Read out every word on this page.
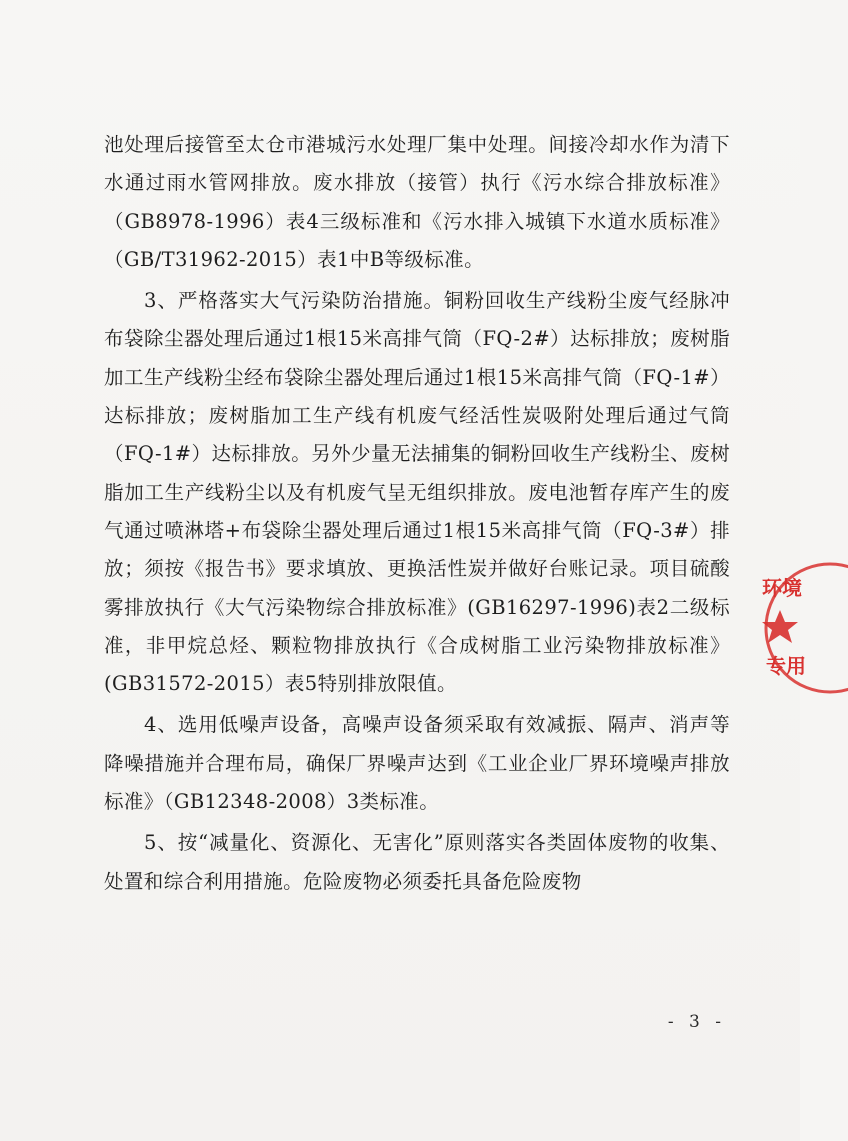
池处理后接管至太仓市港城污水处理厂集中处理。间接冷却水作为清下水通过雨水管网排放。废水排放（接管）执行《污水综合排放标准》（GB8978-1996）表4三级标准和《污水排入城镇下水道水质标准》（GB/T31962-2015）表1中B等级标准。

3、严格落实大气污染防治措施。铜粉回收生产线粉尘废气经脉冲布袋除尘器处理后通过1根15米高排气筒（FQ-2#）达标排放；废树脂加工生产线粉尘经布袋除尘器处理后通过1根15米高排气筒（FQ-1#）达标排放；废树脂加工生产线有机废气经活性炭吸附处理后通过气筒（FQ-1#）达标排放。另外少量无法捕集的铜粉回收生产线粉尘、废树脂加工生产线粉尘以及有机废气呈无组织排放。废电池暂存库产生的废气通过喷淋塔+布袋除尘器处理后通过1根15米高排气筒（FQ-3#）排放；须按《报告书》要求填放、更换活性炭并做好台账记录。项目硫酸雾排放执行《大气污染物综合排放标准》(GB16297-1996)表2二级标准，非甲烷总烃、颗粒物排放执行《合成树脂工业污染物排放标准》(GB31572-2015）表5特别排放限值。

4、选用低噪声设备，高噪声设备须采取有效减振、隔声、消声等降噪措施并合理布局，确保厂界噪声达到《工业企业厂界环境噪声排放标准》（GB12348-2008）3类标准。

5、按“减量化、资源化、无害化”原则落实各类固体废物的收集、处置和综合利用措施。危险废物必须委托具备危险废物

环境
专用
- 3 -
